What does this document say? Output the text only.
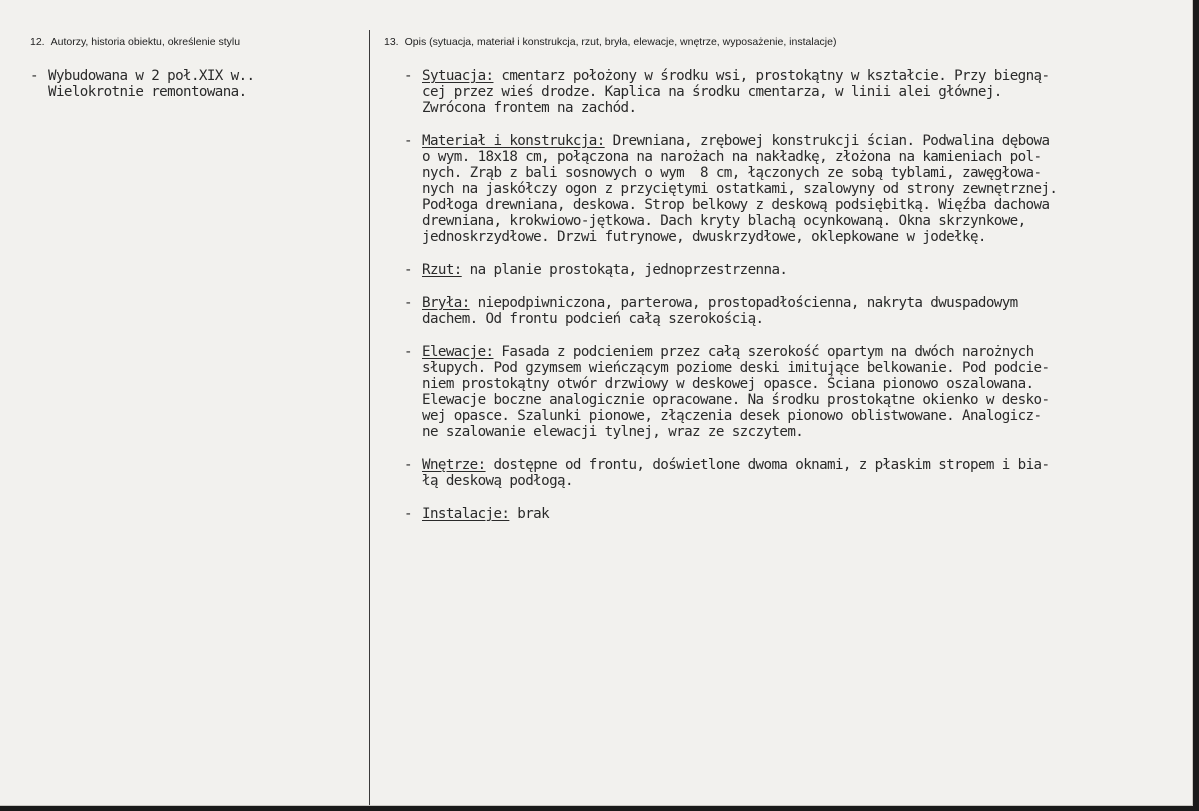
12. Autorzy, historia obiektu, określenie stylu	13. Opis (sytuacja, materiał i konstrukcja, rzut, bryła, elewacje, wnętrze, wyposażenie, instalacje)
- Wybudowana w 2 poł.XIX w..
Wielokrotnie remontowana.
- Sytuacja: cmentarz położony w środku wsi, prostokątny w kształcie. Przy biegną-
cej przez wieś drodze. Kaplica na środku cmentarza, w linii alei głównej.
Zwrócona frontem na zachód.
- Materiał i konstrukcja: Drewniana, zrębowej konstrukcji ścian. Podwalina dębowa
o wym. 18x18 cm, połączona na narożach na nakładkę, złożona na kamieniach pol-
nych. Zrąb z bali sosnowych o wym  8 cm, łączonych ze sobą tyblami, zawęgłowa-
nych na jaskółczy ogon z przyciętymi ostatkami, szalowyny od strony zewnętrznej.
Podłoga drewniana, deskowa. Strop belkowy z deskową podsiębitką. Więźba dachowa
drewniana, krokwiowo-jętkowa. Dach kryty blachą ocynkowaną. Okna skrzynkowe,
jednoskrzydłowe. Drzwi futrynowe, dwuskrzydłowe, oklepkowane w jodełkę.
- Rzut: na planie prostokąta, jednoprzestrzenna.
- Bryła: niepodpiwniczona, parterowa, prostopadłościenna, nakryta dwuspadowym
dachem. Od frontu podcień całą szerokością.
- Elewacje: Fasada z podcieniem przez całą szerokość opartym na dwóch narożnych
słupych. Pod gzymsem wieńczącym poziome deski imitujące belkowanie. Pod podcie-
niem prostokątny otwór drzwiowy w deskowej opasce. Ściana pionowo oszalowana.
Elewacje boczne analogicznie opracowane. Na środku prostokątne okienko w desko-
wej opasce. Szalunki pionowe, złączenia desek pionowo oblistwowane. Analogicz-
ne szalowanie elewacji tylnej, wraz ze szczytem.
- Wnętrze: dostępne od frontu, doświetlone dwoma oknami, z płaskim stropem i bia-
łą deskową podłogą.
- Instalacje: brak
